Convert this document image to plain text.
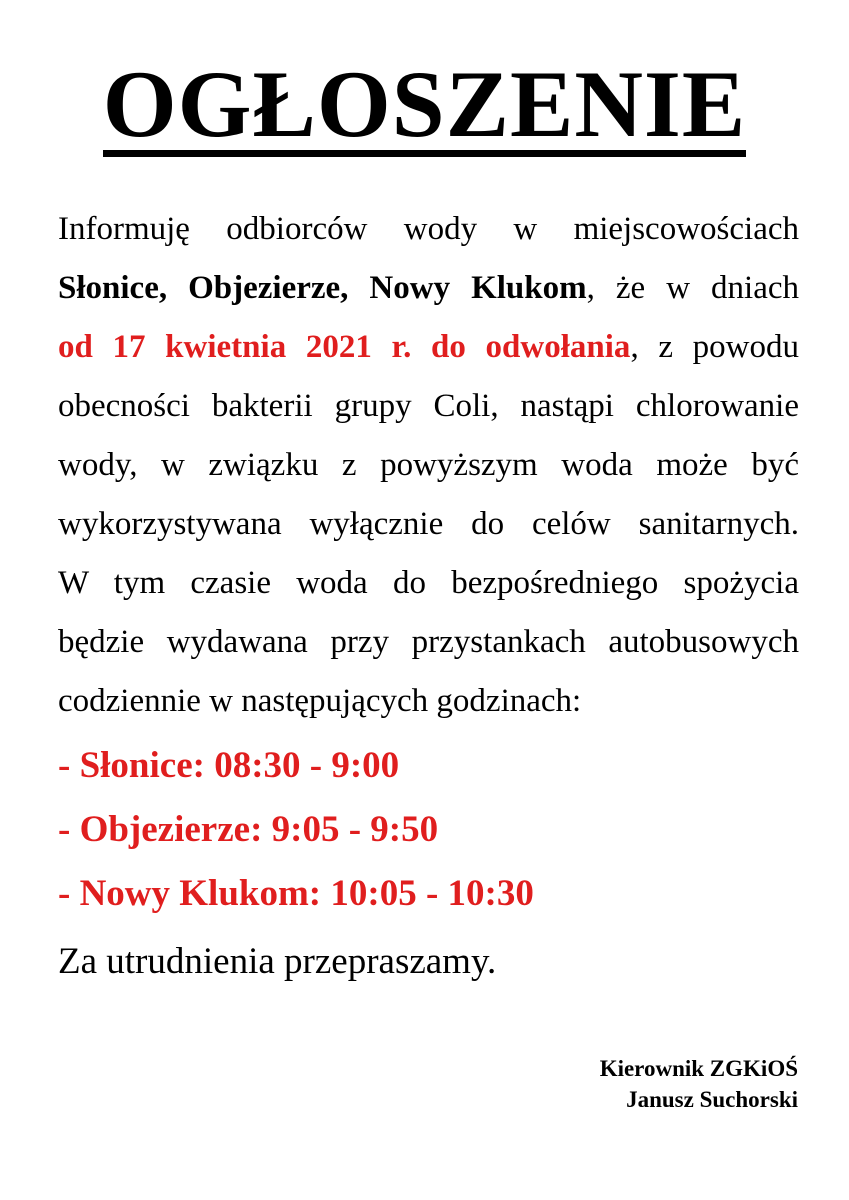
OGŁOSZENIE
Informuję odbiorców wody w miejscowościach
Słonice, Objezierze, Nowy Klukom, że w dniach
od 17 kwietnia 2021 r. do odwołania, z powodu
obecności bakterii grupy Coli, nastąpi chlorowanie
wody, w związku z powyższym woda może być
wykorzystywana wyłącznie do celów sanitarnych.
W tym czasie woda do bezpośredniego spożycia
będzie wydawana przy przystankach autobusowych
codziennie w następujących godzinach:
- Słonice: 08:30 - 9:00
- Objezierze: 9:05 - 9:50
- Nowy Klukom: 10:05 - 10:30
Za utrudnienia przepraszamy.
Kierownik ZGKiOŚ
Janusz Suchorski
